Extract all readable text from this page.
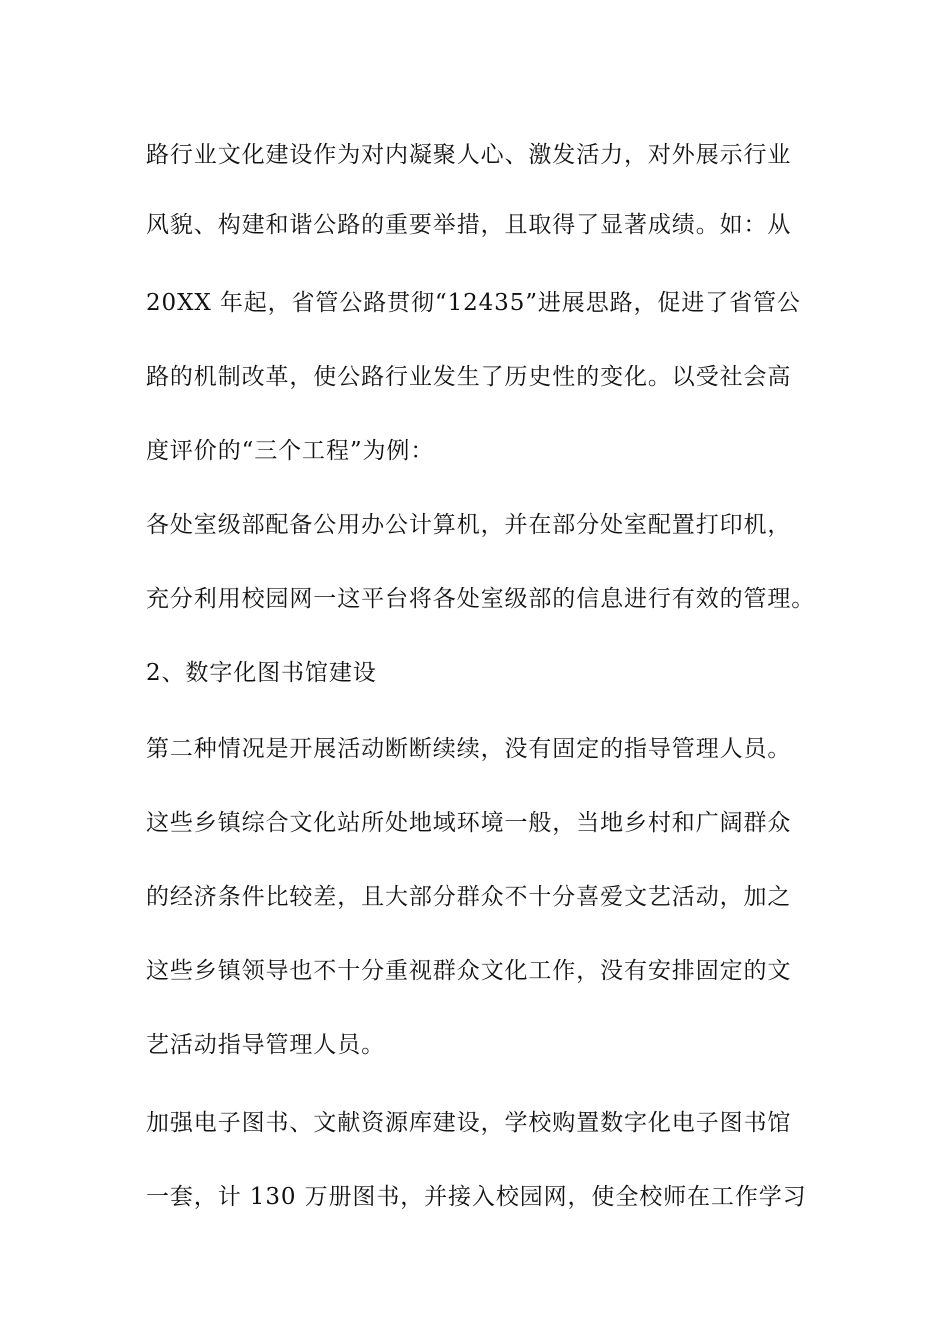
路行业文化建设作为对内凝聚人心、激发活力，对外展示行业
风貌、构建和谐公路的重要举措，且取得了显著成绩。如：从
20XX 年起，省管公路贯彻“12435”进展思路，促进了省管公
路的机制改革，使公路行业发生了历史性的变化。以受社会高
度评价的“三个工程”为例：
各处室级部配备公用办公计算机，并在部分处室配置打印机，
充分利用校园网一这平台将各处室级部的信息进行有效的管理。
2、数字化图书馆建设
第二种情况是开展活动断断续续，没有固定的指导管理人员。
这些乡镇综合文化站所处地域环境一般，当地乡村和广阔群众
的经济条件比较差，且大部分群众不十分喜爱文艺活动，加之
这些乡镇领导也不十分重视群众文化工作，没有安排固定的文
艺活动指导管理人员。
加强电子图书、文献资源库建设，学校购置数字化电子图书馆
一套，计 130 万册图书，并接入校园网，使全校师在工作学习
